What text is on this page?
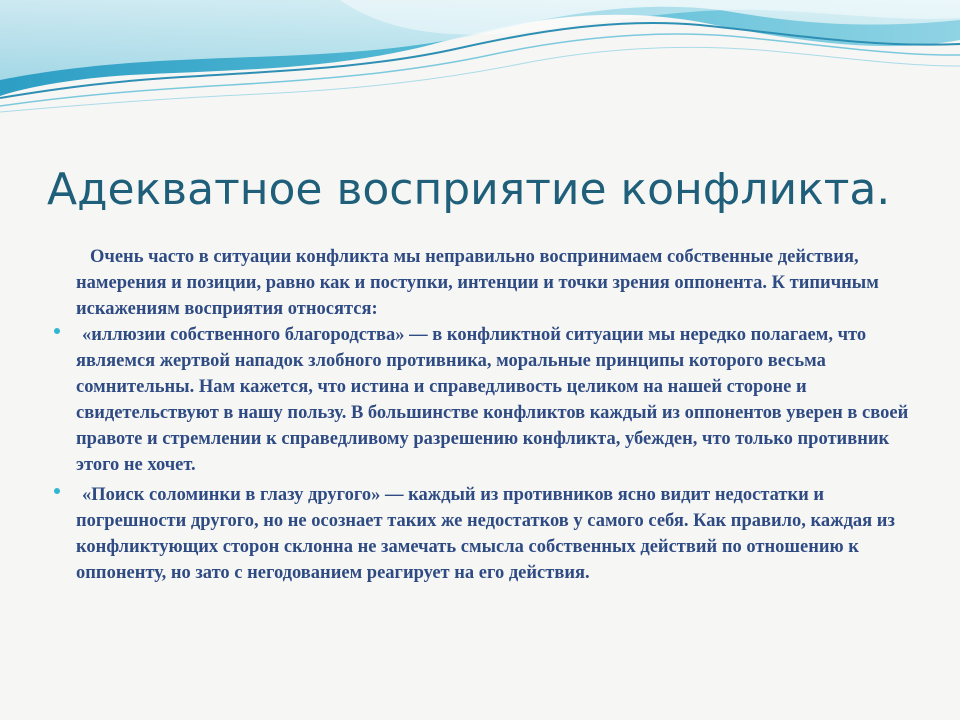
Адекватное восприятие конфликта.

Очень часто в ситуации конфликта мы неправильно воспринимаем собственные действия, намерения и позиции, равно как и поступки, интенции и точки зрения оппонента. К типичным искажениям восприятия относятся:

«иллюзии собственного благородства» — в конфликтной ситуации мы нередко полагаем, что являемся жертвой нападок злобного противника, моральные принципы которого весьма сомнительны. Нам кажется, что истина и справедливость целиком на нашей стороне и свидетельствуют в нашу пользу. В большинстве конфликтов каждый из оппонентов уверен в своей правоте и стремлении к справедливому разрешению конфликта, убежден, что только противник этого не хочет.
«Поиск соломинки в глазу другого» — каждый из противников ясно видит недостатки и погрешности другого, но не осознает таких же недостатков у самого себя. Как правило, каждая из конфликтующих сторон склонна не замечать смысла собственных действий по отношению к оппоненту, но зато с негодованием реагирует на его действия.
